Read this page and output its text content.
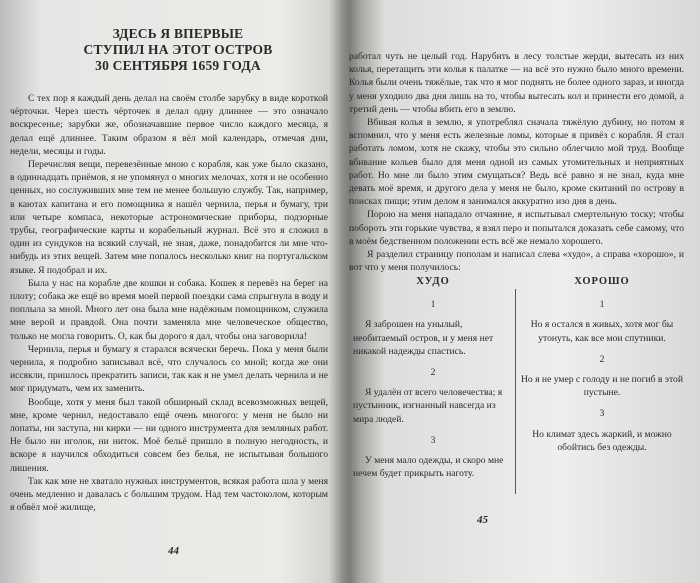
ЗДЕСЬ Я ВПЕРВЫЕ
СТУПИЛ НА ЭТОТ ОСТРОВ
30 СЕНТЯБРЯ 1659 ГОДА

С тех пор я каждый день делал на своём столбе зарубку в виде короткой чёрточки. Через шесть чёрточек я делал одну длиннее — это означало воскресенье; зарубки же, обозначавшие первое число каждого месяца, я делал ещё длиннее. Таким образом я вёл мой календарь, отмечая дни, недели, месяцы и годы.

Перечисляя вещи, перевезённые мною с корабля, как уже было сказано, в одиннадцать приёмов, я не упомянул о многих мелочах, хотя и не особенно ценных, но сослуживших мне тем не менее большую службу. Так, например, в каютах капитана и его помощника я нашёл чернила, перья и бумагу, три или четыре компаса, некоторые астрономические приборы, подзорные трубы, географические карты и корабельный журнал. Всё это я сложил в один из сундуков на всякий случай, не зная, даже, понадобится ли мне что-нибудь из этих вещей. Затем мне попалось несколько книг на португальском языке. Я подобрал и их.

Была у нас на корабле две кошки и собака. Кошек я перевёз на берег на плоту; собака же ещё во время моей первой поездки сама спрыгнула в воду и поплыла за мной. Много лет она была мне надёжным помощником, служила мне верой и правдой. Она почти заменяла мне человеческое общество, только не могла говорить. О, как бы дорого я дал, чтобы она заговорила!

Чернила, перья и бумагу я старался всячески беречь. Пока у меня были чернила, я подробно записывал всё, что случалось со мной; когда же они иссякли, пришлось прекратить записи, так как я не умел делать чернила и не мог придумать, чем их заменить.

Вообще, хотя у меня был такой обширный склад всевозможных вещей, мне, кроме чернил, недоставало ещё очень многого: у меня не было ни лопаты, ни заступа, ни кирки — ни одного инструмента для земляных работ. Не было ни иголок, ни ниток. Моё бельё пришло в полную негодность, и вскоре я научился обходиться совсем без белья, не испытывая большого лишения.

Так как мне не хватало нужных инструментов, всякая работа шла у меня очень медленно и давалась с большим трудом. Над тем частоколом, которым я обвёл моё жилище,

44

работал чуть не целый год. Нарубить в лесу толстые жерди, вытесать из них колья, перетащить эти колья к палатке — на всё это нужно было много времени. Колья были очень тяжёлые, так что я мог поднять не более одного зараз, и иногда у меня уходило два дня лишь на то, чтобы вытесать кол и принести его домой, а третий день — чтобы вбить его в землю.

Вбивая колья в землю, я употреблял сначала тяжёлую дубину, но потом я вспомнил, что у меня есть железные ломы, которые я привёз с корабля. Я стал работать ломом, хотя не скажу, чтобы это сильно облегчило мой труд. Вообще вбивание кольев было для меня одной из самых утомительных и неприятных работ. Но мне ли было этим смущаться? Ведь всё равно я не знал, куда мне девать моё время, и другого дела у меня не было, кроме скитаний по острову в поисках пищи; этим делом я занимался аккуратно изо дня в день.

Порою на меня нападало отчаяние, я испытывал смертельную тоску; чтобы побороть эти горькие чувства, я взял перо и попытался доказать себе самому, что в моём бедственном положении есть всё же немало хорошего.

Я разделил страницу пополам и написал слева «худо», а справа «хорошо», и вот что у меня получилось:

ХУДО
1
Я заброшен на унылый, необитаемый остров, и у меня нет никакой надежды спастись.
2
Я удалён от всего человечества; я пустынник, изгнанный навсегда из мира людей.
3
У меня мало одежды, и скоро мне нечем будет прикрыть наготу.
ХОРОШО
1
Но я остался в живых, хотя мог бы утонуть, как все мои спутники.
2
Но я не умер с голоду и не погиб в этой пустыне.
3
Но климат здесь жаркий, и можно обойтись без одежды.
45
